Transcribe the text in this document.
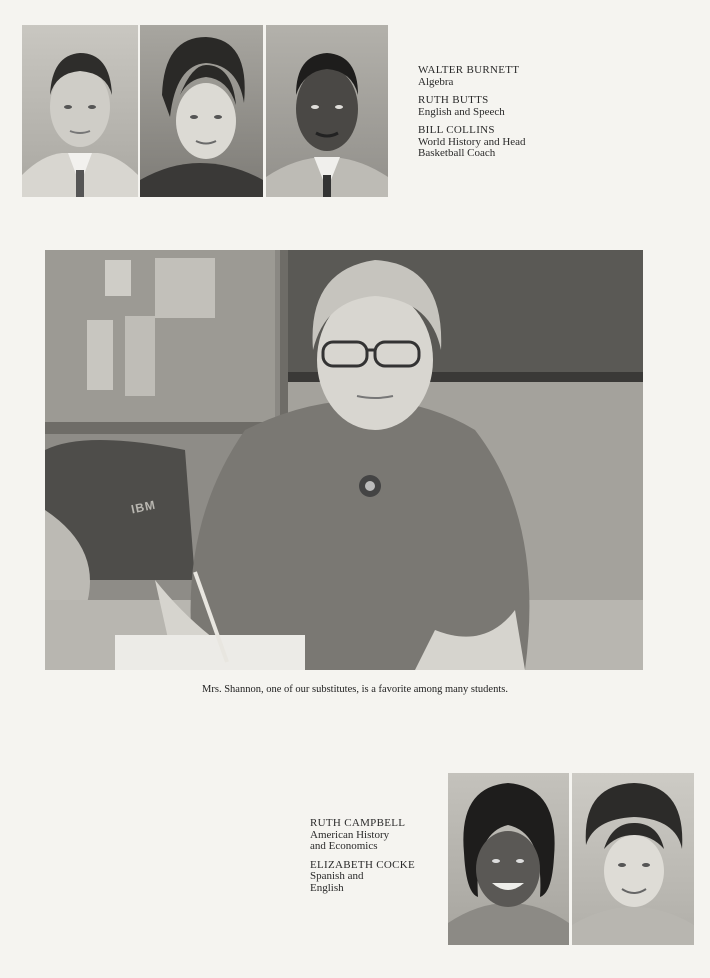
WALTER BURNETT
Algebra
RUTH BUTTS
English and Speech
BILL COLLINS
World History and Head
Basketball Coach
IBM
Mrs. Shannon, one of our substitutes, is a favorite among many students.
RUTH CAMPBELL
American History
and Economics
ELIZABETH COCKE
Spanish and
English
